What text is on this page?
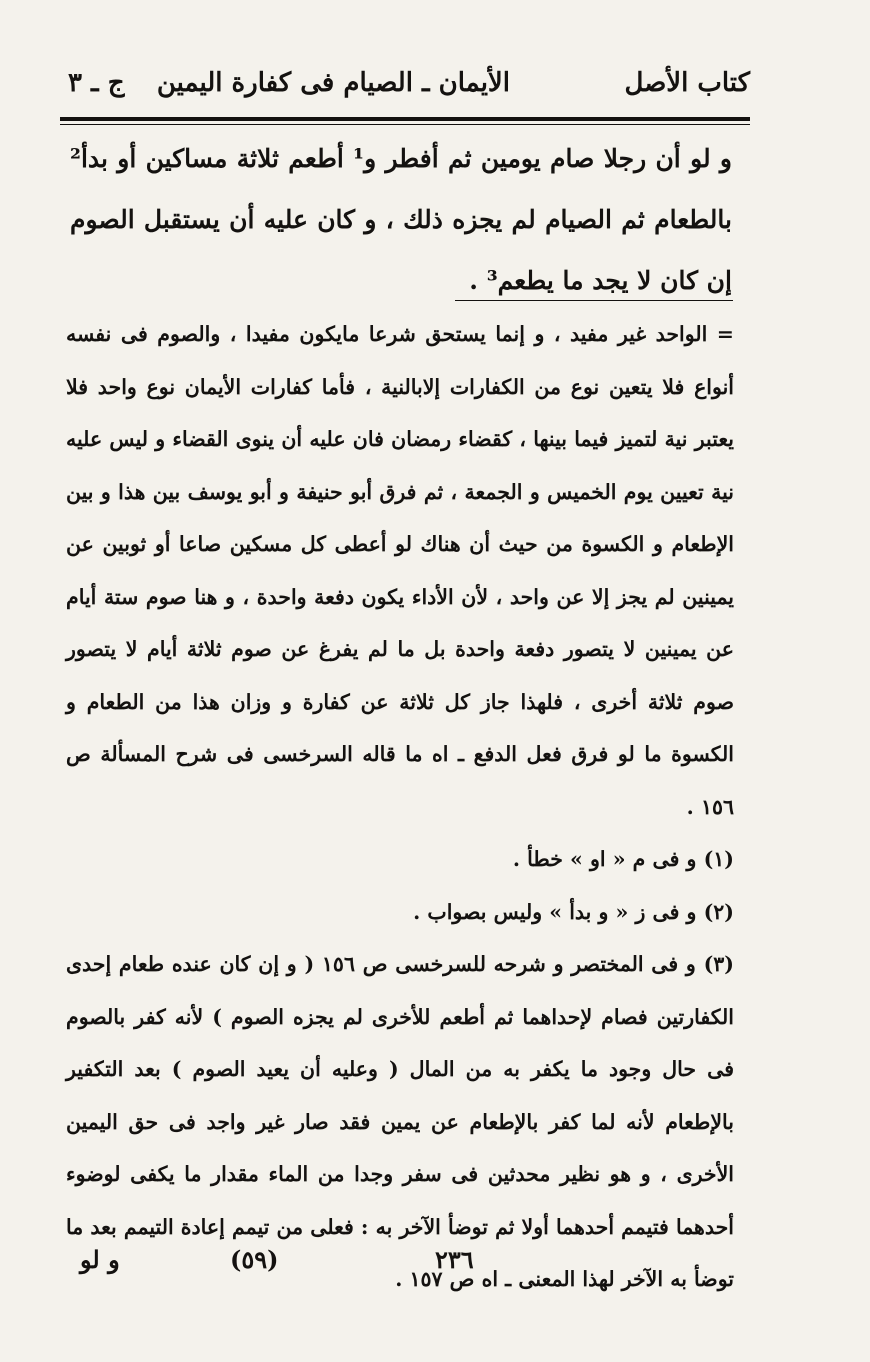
كتاب الأصل
الأيمان ـ الصيام فى كفارة اليمين
ج ـ ٣
و لو أن رجلا صام يومين ثم أفطر و¹ أطعم ثلاثة مساكين أو بدأ² بالطعام ثم الصيام لم يجزه ذلك ، و كان عليه أن يستقبل الصوم إن كان لا يجد ما يطعم³ .

= الواحد غير مفيد ، و إنما يستحق شرعا مايكون مفيدا ، والصوم فى نفسه أنواع فلا يتعين نوع من الكفارات إلابالنية ، فأما كفارات الأيمان نوع واحد فلا يعتبر نية لتميز فيما بينها ، كقضاء رمضان فان عليه أن ينوى القضاء و ليس عليه نية تعيين يوم الخميس و الجمعة ، ثم فرق أبو حنيفة و أبو يوسف بين هذا و بين الإطعام و الكسوة من حيث أن هناك لو أعطى كل مسكين صاعا أو ثوبين عن يمينين لم يجز إلا عن واحد ، لأن الأداء يكون دفعة واحدة ، و هنا صوم ستة أيام عن يمينين لا يتصور دفعة واحدة بل ما لم يفرغ عن صوم ثلاثة أيام لا يتصور صوم ثلاثة أخرى ، فلهذا جاز كل ثلاثة عن كفارة و وزان هذا من الطعام و الكسوة ما لو فرق فعل الدفع ـ اه ما قاله السرخسى فى شرح المسألة ص ١٥٦ .

(١) و فى م « او » خطأ .

(٢) و فى ز « و بدأ » وليس بصواب .

(٣) و فى المختصر و شرحه للسرخسى ص ١٥٦ ( و إن كان عنده طعام إحدى الكفارتين فصام لإحداهما ثم أطعم للأخرى لم يجزه الصوم ) لأنه كفر بالصوم فى حال وجود ما يكفر به من المال ( وعليه أن يعيد الصوم ) بعد التكفير بالإطعام لأنه لما كفر بالإطعام عن يمين فقد صار غير واجد فى حق اليمين الأخرى ، و هو نظير محدثين فى سفر وجدا من الماء مقدار ما يكفى لوضوء أحدهما فتيمم أحدهما أولا ثم توضأ الآخر به : فعلى من تيمم إعادة التيمم بعد ما توضأ به الآخر لهذا المعنى ـ اه ص ١٥٧ .

و لو	(٥٩)	٢٣٦
